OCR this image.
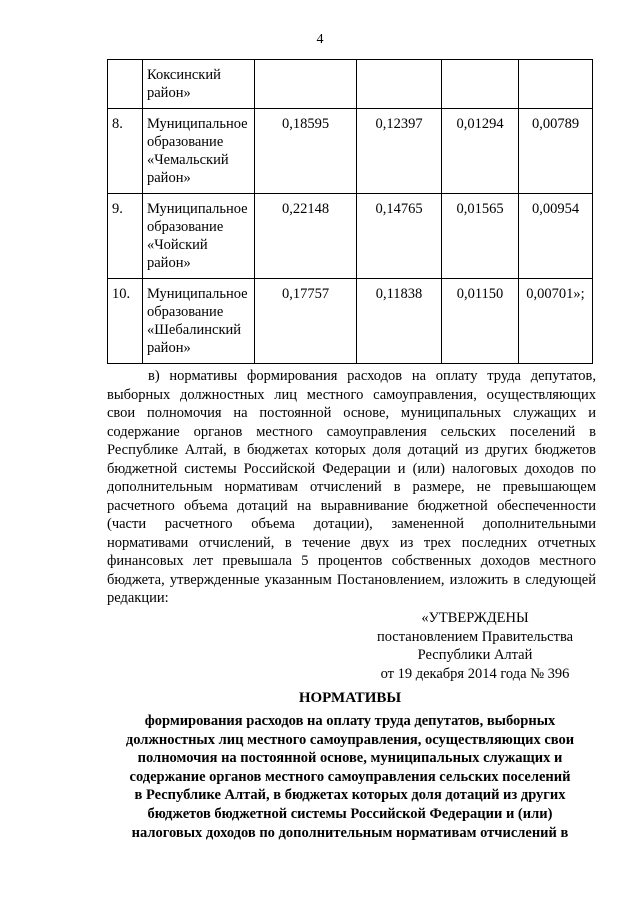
4
	Коксинский район»				
8.	Муниципальное образование «Чемальский район»	0,18595	0,12397	0,01294	0,00789
9.	Муниципальное образование «Чойский район»	0,22148	0,14765	0,01565	0,00954
10.	Муниципальное образование «Шебалинский район»	0,17757	0,11838	0,01150	0,00701»;

в) нормативы формирования расходов на оплату труда депутатов, выборных должностных лиц местного самоуправления, осуществляющих свои полномочия на постоянной основе, муниципальных служащих и содержание органов местного самоуправления сельских поселений в Республике Алтай, в бюджетах которых доля дотаций из других бюджетов бюджетной системы Российской Федерации и (или) налоговых доходов по дополнительным нормативам отчислений в размере, не превышающем расчетного объема дотаций на выравнивание бюджетной обеспеченности (части расчетного объема дотации), замененной дополнительными нормативами отчислений, в течение двух из трех последних отчетных финансовых лет превышала 5 процентов собственных доходов местного бюджета, утвержденные указанным Постановлением, изложить в следующей редакции:

«УТВЕРЖДЕНЫ
постановлением Правительства
Республики Алтай
от 19 декабря 2014 года № 396
НОРМАТИВЫ
формирования расходов на оплату труда депутатов, выборных
должностных лиц местного самоуправления, осуществляющих свои
полномочия на постоянной основе, муниципальных служащих и
содержание органов местного самоуправления сельских поселений
в Республике Алтай, в бюджетах которых доля дотаций из других
бюджетов бюджетной системы Российской Федерации и (или)
налоговых доходов по дополнительным нормативам отчислений в
